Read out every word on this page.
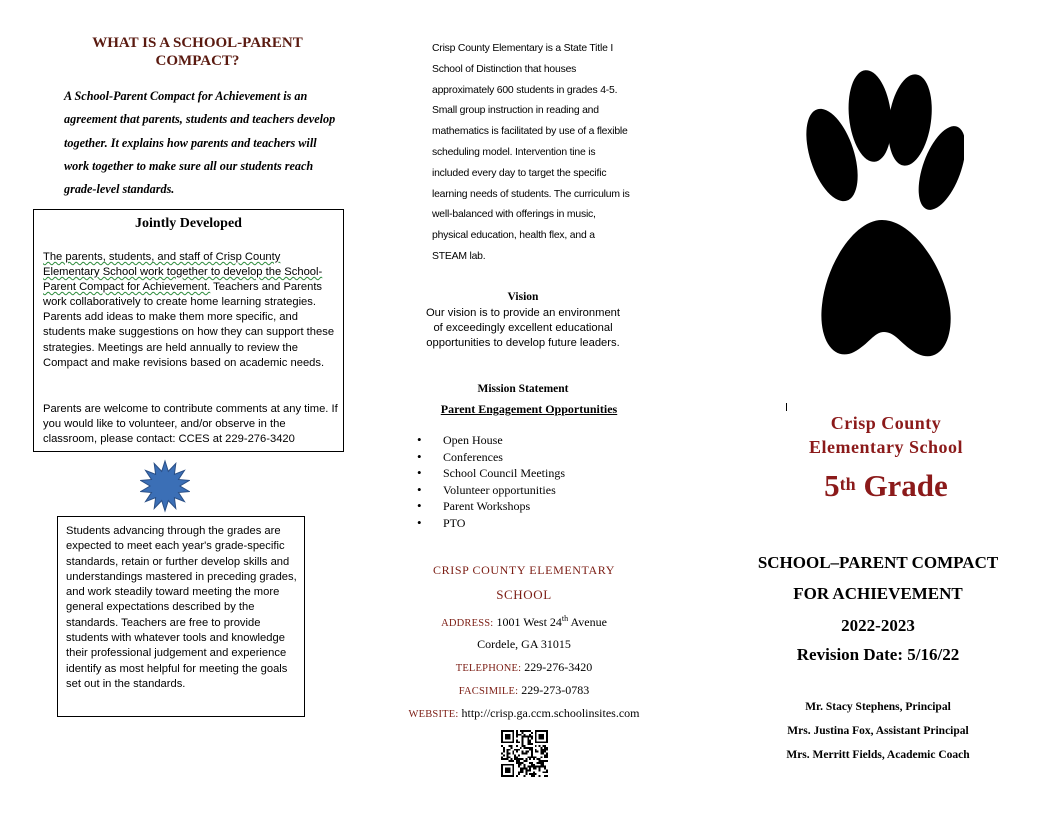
WHAT IS A SCHOOL-PARENT COMPACT?
A School-Parent Compact for Achievement is an agreement that parents, students and teachers develop together. It explains how parents and teachers will work together to make sure all our students reach grade-level standards.
Jointly Developed

The parents, students, and staff of Crisp County Elementary School work together to develop the School-Parent Compact for Achievement. Teachers and Parents work collaboratively to create home learning strategies. Parents add ideas to make them more specific, and students make suggestions on how they can support these strategies. Meetings are held annually to review the Compact and make revisions based on academic needs.

Parents are welcome to contribute comments at any time. If you would like to volunteer, and/or observe in the classroom, please contact: CCES at 229-276-3420

Students advancing through the grades are expected to meet each year's grade-specific standards, retain or further develop skills and understandings mastered in preceding grades, and work steadily toward meeting the more general expectations described by the standards. Teachers are free to provide students with whatever tools and knowledge their professional judgement and experience identify as most helpful for meeting the goals set out in the standards.

Crisp County Elementary is a State Title I School of Distinction that houses approximately 600 students in grades 4-5. Small group instruction in reading and mathematics is facilitated by use of a flexible scheduling model. Intervention tine is included every day to target the specific learning needs of students. The curriculum is well-balanced with offerings in music, physical education, health flex, and a STEAM lab.
Vision
Our vision is to provide an environment of exceedingly excellent educational opportunities to develop future leaders.
Mission Statement
Parent Engagement Opportunities
• Open House
• Conferences
• School Council Meetings
• Volunteer opportunities
• Parent Workshops
• PTO
CRISP COUNTY ELEMENTARY
SCHOOL
ADDRESS: 1001 West 24th Avenue
Cordele, GA 31015
TELEPHONE: 229-276-3420
FACSIMILE: 229-273-0783
WEBSITE: http://crisp.ga.ccm.schoolinsites.com
Crisp County
Elementary School
5th Grade
SCHOOL–PARENT COMPACT
FOR ACHIEVEMENT
2022-2023
Revision Date: 5/16/22
Mr. Stacy Stephens, Principal
Mrs. Justina Fox, Assistant Principal
Mrs. Merritt Fields, Academic Coach
